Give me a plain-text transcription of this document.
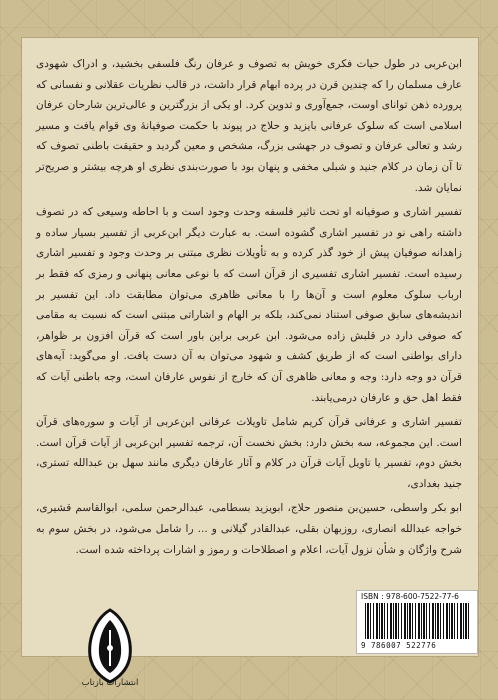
ابن‌عربی در طول حیات فکری خویش به تصوف و عرفان رنگ فلسفی بخشید، و ادراک شهودی عارف مسلمان را که چندین قرن در پرده ابهام قرار داشت، در قالب نظریات عقلانی و نفسانی که پرورده ذهن توانای اوست، جمع‌آوری و تدوین کرد. او یکی از بزرگترین و عالی‌ترین شارحان عرفان اسلامی است که سلوک عرفانی بایزید و حلاج در پیوند با حکمت صوفیانهٔ وی قوام یافت و مسیر رشد و تعالی عرفان و تصوف در جهشی بزرگ، مشخص و معین گردید و حقیقت باطنی تصوف که تا آن زمان در کلام جنید و شبلی مخفی و پنهان بود با صورت‌بندی نظری او هرچه بیشتر و صریح‌تر نمایان شد.

تفسیر اشاری و صوفیانه او تحت تاثیر فلسفه وحدت وجود است و با احاطه وسیعی که در تصوف داشته راهی نو در تفسیر اشاری گشوده است. به عبارت دیگر ابن‌عربی از تفسیر بسیار ساده و زاهدانه صوفیان پیش از خود گذر کرده و به تأویلات نظری مبتنی بر وحدت وجود و تفسیر اشاری رسیده است. تفسیر اشاری تفسیری از قرآن است که با نوعی معانی پنهانی و رمزی که فقط بر ارباب سلوک معلوم است و آن‌ها را با معانی ظاهری می‌توان مطابقت داد. این تفسیر بر اندیشه‌های سابق صوفی استناد نمی‌کند، بلکه بر الهام و اشاراتی مبتنی است که نسبت به مقامی که صوفی دارد در قلبش زاده می‌شود. ابن عربی براین باور است که قرآن افزون بر ظواهر، دارای بواطنی است که از طریق کشف و شهود می‌توان به آن دست یافت. او می‌گوید: آیه‌های قرآن دو وجه دارد: وجه و معانی ظاهری آن که خارج از نفوس عارفان است، وجه باطنی آیات که فقط اهل حق و عارفان درمی‌یابند.

تفسیر اشاری و عرفانی قرآن کریم شامل تاویلات عرفانی ابن‌عربی از آیات و سوره‌های قرآن است. این مجموعه، سه بخش دارد: بخش نخست آن، ترجمه تفسیر ابن‌عربی از آیات قرآن است. بخش دوم، تفسیر یا تاویل آیات قرآن در کلام و آثار عارفان دیگری مانند سهل بن عبدالله تستری، جنید بغدادی،

ابو بکر واسطی، حسین‌بن منصور حلاج، ابویزید بسطامی، عبدالرحمن سلمی، ابوالقاسم قشیری، خواجه عبدالله انصاری، روزبهان بقلی، عبدالقادر گیلانی و ... را شامل می‌شود، در بخش سوم به شرح واژگان و شأن نزول آیات، اعلام و اصطلاحات و رموز و اشارات پرداخته شده است.

ISBN : 978-600-7522-77-6
9 786007 522776
انتشارات بازتاب
